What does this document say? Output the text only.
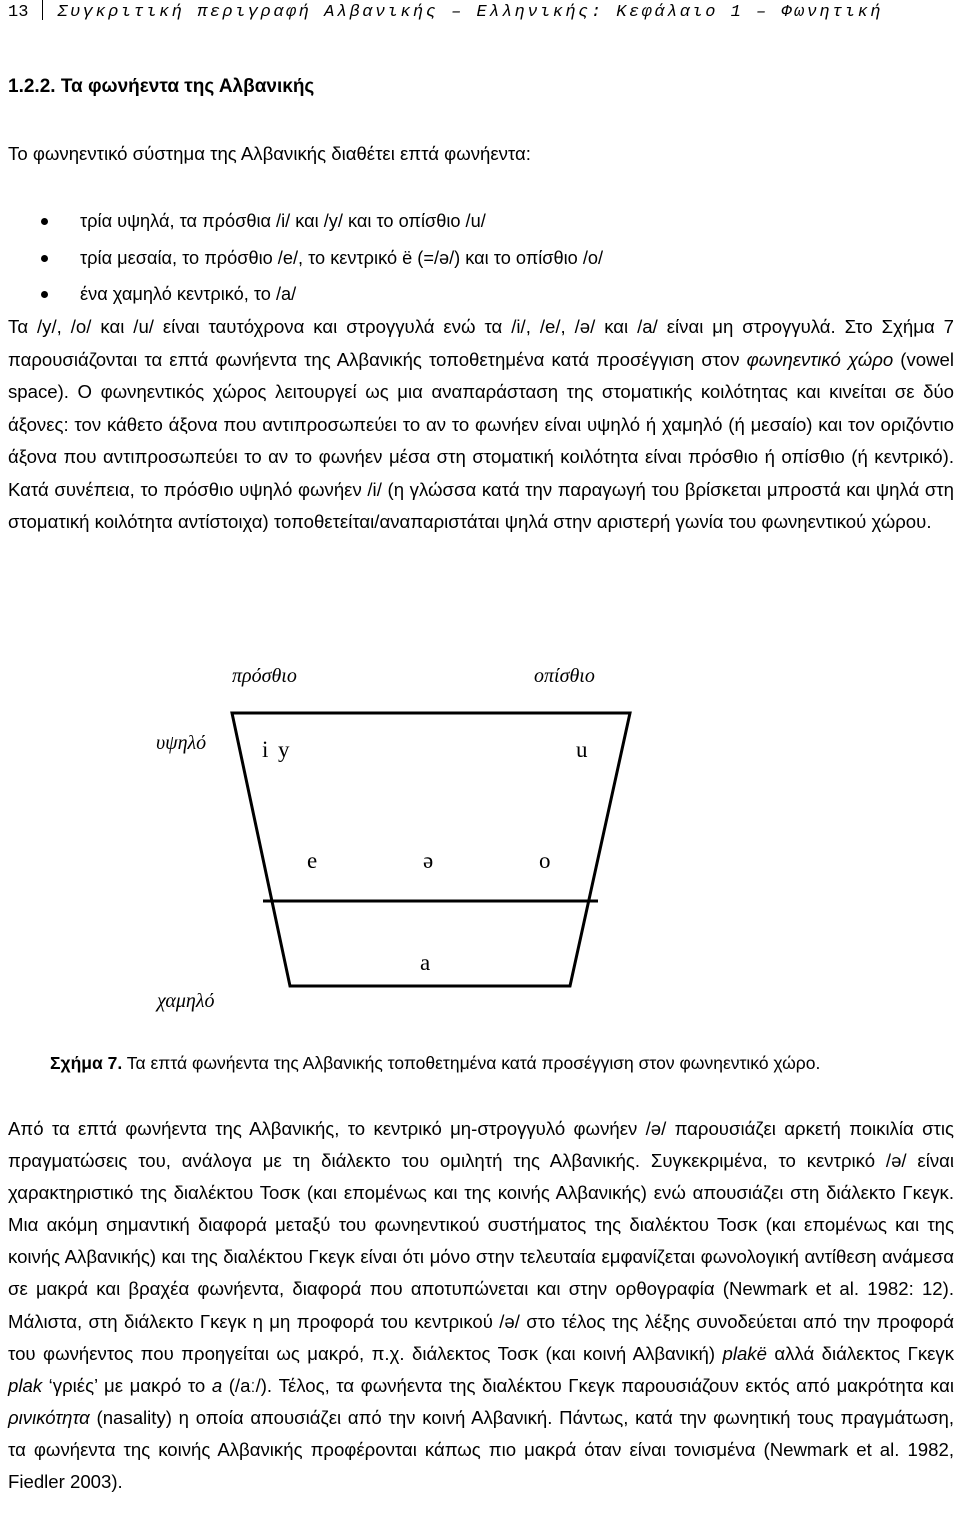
13 Συγκριτική περιγραφή Αλβανικής – Ελληνικής: Κεφάλαιο 1 – Φωνητική
1.2.2. Τα φωνήεντα της Αλβανικής
Το φωνηεντικό σύστημα της Αλβανικής διαθέτει επτά φωνήεντα:
τρία υψηλά, τα πρόσθια /i/ και /y/ και το οπίσθιο /u/
τρία μεσαία, το πρόσθιο /e/, το κεντρικό ë (=/ə/) και το οπίσθιο /o/
ένα χαμηλό κεντρικό, το /a/
Τα /y/, /o/ και /u/ είναι ταυτόχρονα και στρογγυλά ενώ τα /i/, /e/, /ə/ και /a/ είναι μη στρογγυλά. Στο Σχήμα 7 παρουσιάζονται τα επτά φωνήεντα της Αλβανικής τοποθετημένα κατά προσέγγιση στον φωνηεντικό χώρο (vowel space). Ο φωνηεντικός χώρος λειτουργεί ως μια αναπαράσταση της στοματικής κοιλότητας και κινείται σε δύο άξονες: τον κάθετο άξονα που αντιπροσωπεύει το αν το φωνήεν είναι υψηλό ή χαμηλό (ή μεσαίο) και τον οριζόντιο άξονα που αντιπροσωπεύει το αν το φωνήεν μέσα στη στοματική κοιλότητα είναι πρόσθιο ή οπίσθιο (ή κεντρικό). Κατά συνέπεια, το πρόσθιο υψηλό φωνήεν /i/ (η γλώσσα κατά την παραγωγή του βρίσκεται μπροστά και ψηλά στη στοματική κοιλότητα αντίστοιχα) τοποθετείται/αναπαριστάται ψηλά στην αριστερή γωνία του φωνηεντικού χώρου.
πρόσθιο	οπίσθιο
υψηλό
χαμηλό
i y	u
e	ə	o
a
Σχήμα 7. Τα επτά φωνήεντα της Αλβανικής τοποθετημένα κατά προσέγγιση στον φωνηεντικό χώρο.
Από τα επτά φωνήεντα της Αλβανικής, το κεντρικό μη-στρογγυλό φωνήεν /ə/ παρουσιάζει αρκετή ποικιλία στις πραγματώσεις του, ανάλογα με τη διάλεκτο του ομιλητή της Αλβανικής. Συγκεκριμένα, το κεντρικό /ə/ είναι χαρακτηριστικό της διαλέκτου Τοσκ (και επομένως και της κοινής Αλβανικής) ενώ απουσιάζει στη διάλεκτο Γκεγκ. Μια ακόμη σημαντική διαφορά μεταξύ του φωνηεντικού συστήματος της διαλέκτου Τοσκ (και επομένως και της κοινής Αλβανικής) και της διαλέκτου Γκεγκ είναι ότι μόνο στην τελευταία εμφανίζεται φωνολογική αντίθεση ανάμεσα σε μακρά και βραχέα φωνήεντα, διαφορά που αποτυπώνεται και στην ορθογραφία (Newmark et al. 1982: 12). Μάλιστα, στη διάλεκτο Γκεγκ η μη προφορά του κεντρικού /ə/ στο τέλος της λέξης συνοδεύεται από την προφορά του φωνήεντος που προηγείται ως μακρό, π.χ. διάλεκτος Τοσκ (και κοινή Αλβανική) plakë αλλά διάλεκτος Γκεγκ plak ‘γριές’ με μακρό το a (/aː/). Τέλος, τα φωνήεντα της διαλέκτου Γκεγκ παρουσιάζουν εκτός από μακρότητα και ρινικότητα (nasality) η οποία απουσιάζει από την κοινή Αλβανική. Πάντως, κατά την φωνητική τους πραγμάτωση, τα φωνήεντα της κοινής Αλβανικής προφέρονται κάπως πιο μακρά όταν είναι τονισμένα (Newmark et al. 1982, Fiedler 2003).
